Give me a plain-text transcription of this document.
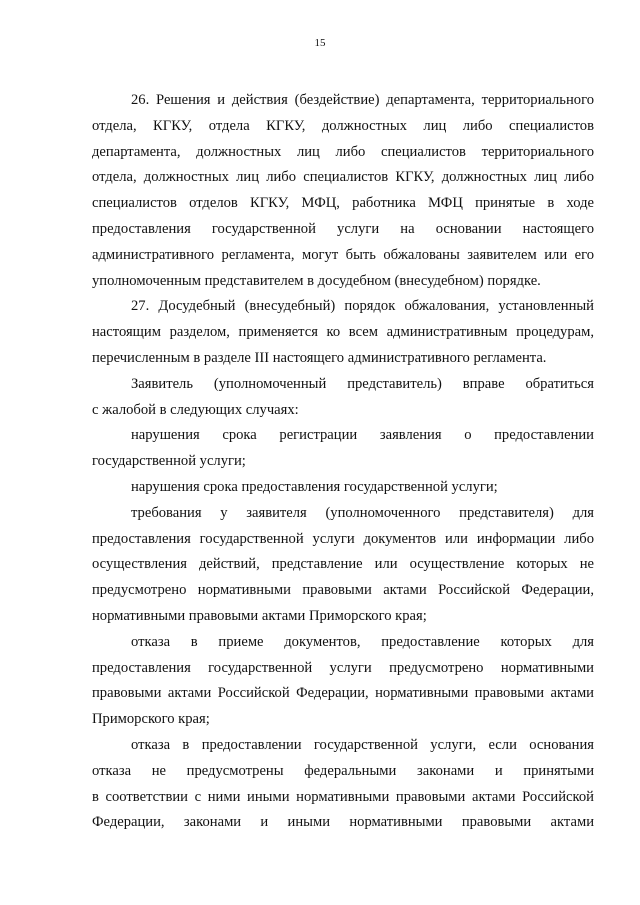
15
26. Решения и действия (бездействие) департамента, территориального
отдела, КГКУ, отдела КГКУ, должностных лиц либо специалистов
департамента, должностных лиц либо специалистов территориального
отдела, должностных лиц либо специалистов КГКУ, должностных лиц либо
специалистов отделов КГКУ, МФЦ, работника МФЦ принятые в ходе
предоставления государственной услуги на основании настоящего
административного регламента, могут быть обжалованы заявителем или его
уполномоченным представителем в досудебном (внесудебном) порядке.
27. Досудебный (внесудебный) порядок обжалования, установленный
настоящим разделом, применяется ко всем административным процедурам,
перечисленным в разделе III настоящего административного регламента.
Заявитель (уполномоченный представитель) вправе обратиться
с жалобой в следующих случаях:
нарушения срока регистрации заявления о предоставлении
государственной услуги;
нарушения срока предоставления государственной услуги;
требования у заявителя (уполномоченного представителя) для
предоставления государственной услуги документов или информации либо
осуществления действий, представление или осуществление которых не
предусмотрено нормативными правовыми актами Российской Федерации,
нормативными правовыми актами Приморского края;
отказа в приеме документов, предоставление которых для
предоставления государственной услуги предусмотрено нормативными
правовыми актами Российской Федерации, нормативными правовыми актами
Приморского края;
отказа в предоставлении государственной услуги, если основания
отказа не предусмотрены федеральными законами и принятыми
в соответствии с ними иными нормативными правовыми актами Российской
Федерации, законами и иными нормативными правовыми актами
